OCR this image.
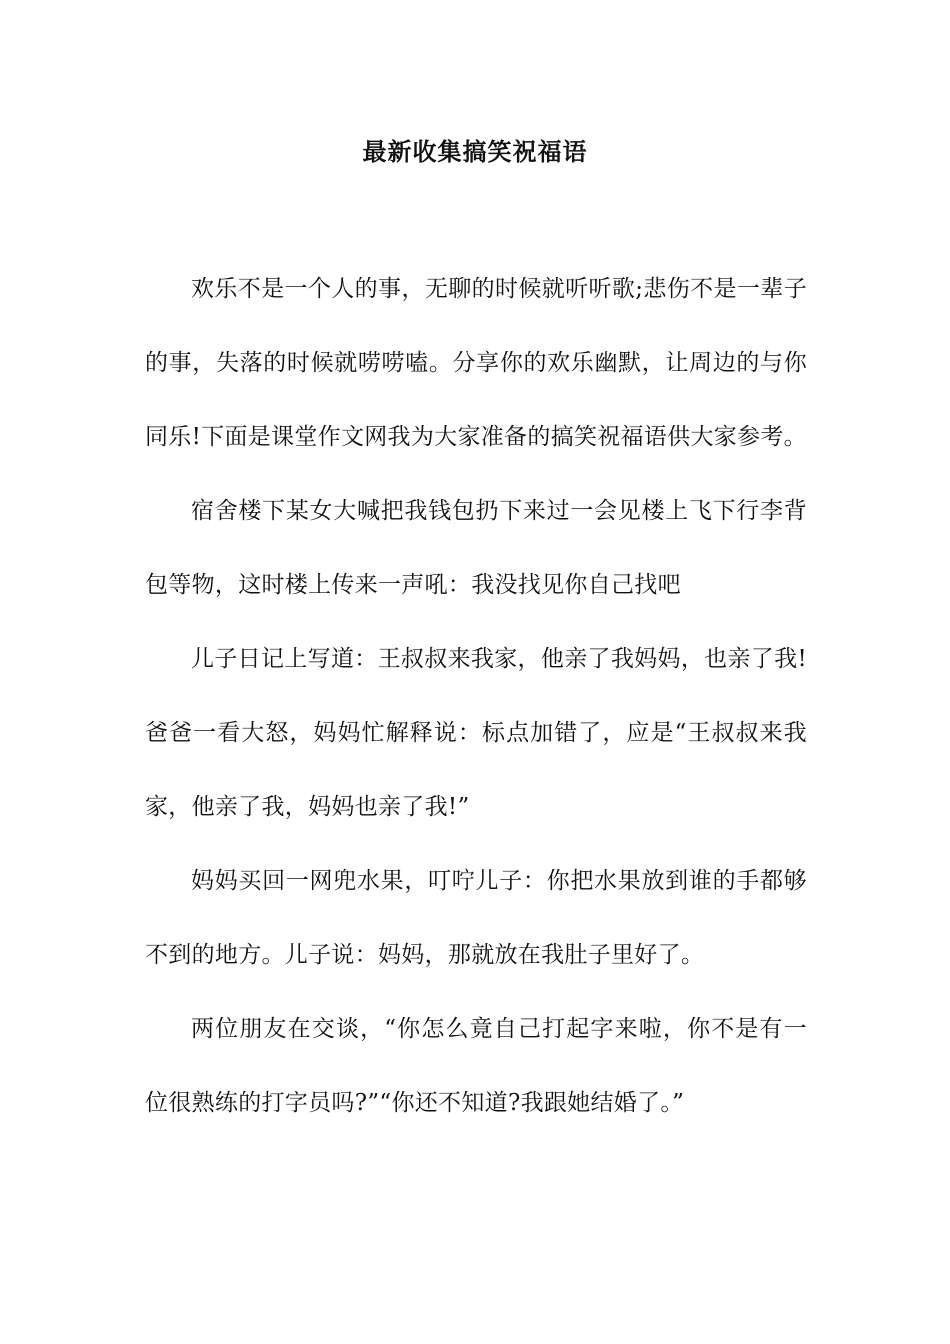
最新收集搞笑祝福语

欢乐不是一个人的事，无聊的时候就听听歌;悲伤不是一辈子的事，失落的时候就唠唠嗑。分享你的欢乐幽默，让周边的与你同乐!下面是课堂作文网我为大家准备的搞笑祝福语供大家参考。

宿舍楼下某女大喊把我钱包扔下来过一会见楼上飞下行李背包等物，这时楼上传来一声吼：我没找见你自己找吧

儿子日记上写道：王叔叔来我家，他亲了我妈妈，也亲了我!爸爸一看大怒，妈妈忙解释说：标点加错了，应是“王叔叔来我家，他亲了我，妈妈也亲了我!”

妈妈买回一网兜水果，叮咛儿子：你把水果放到谁的手都够不到的地方。儿子说：妈妈，那就放在我肚子里好了。

两位朋友在交谈，“你怎么竟自己打起字来啦，你不是有一位很熟练的打字员吗?”“你还不知道?我跟她结婚了。”
